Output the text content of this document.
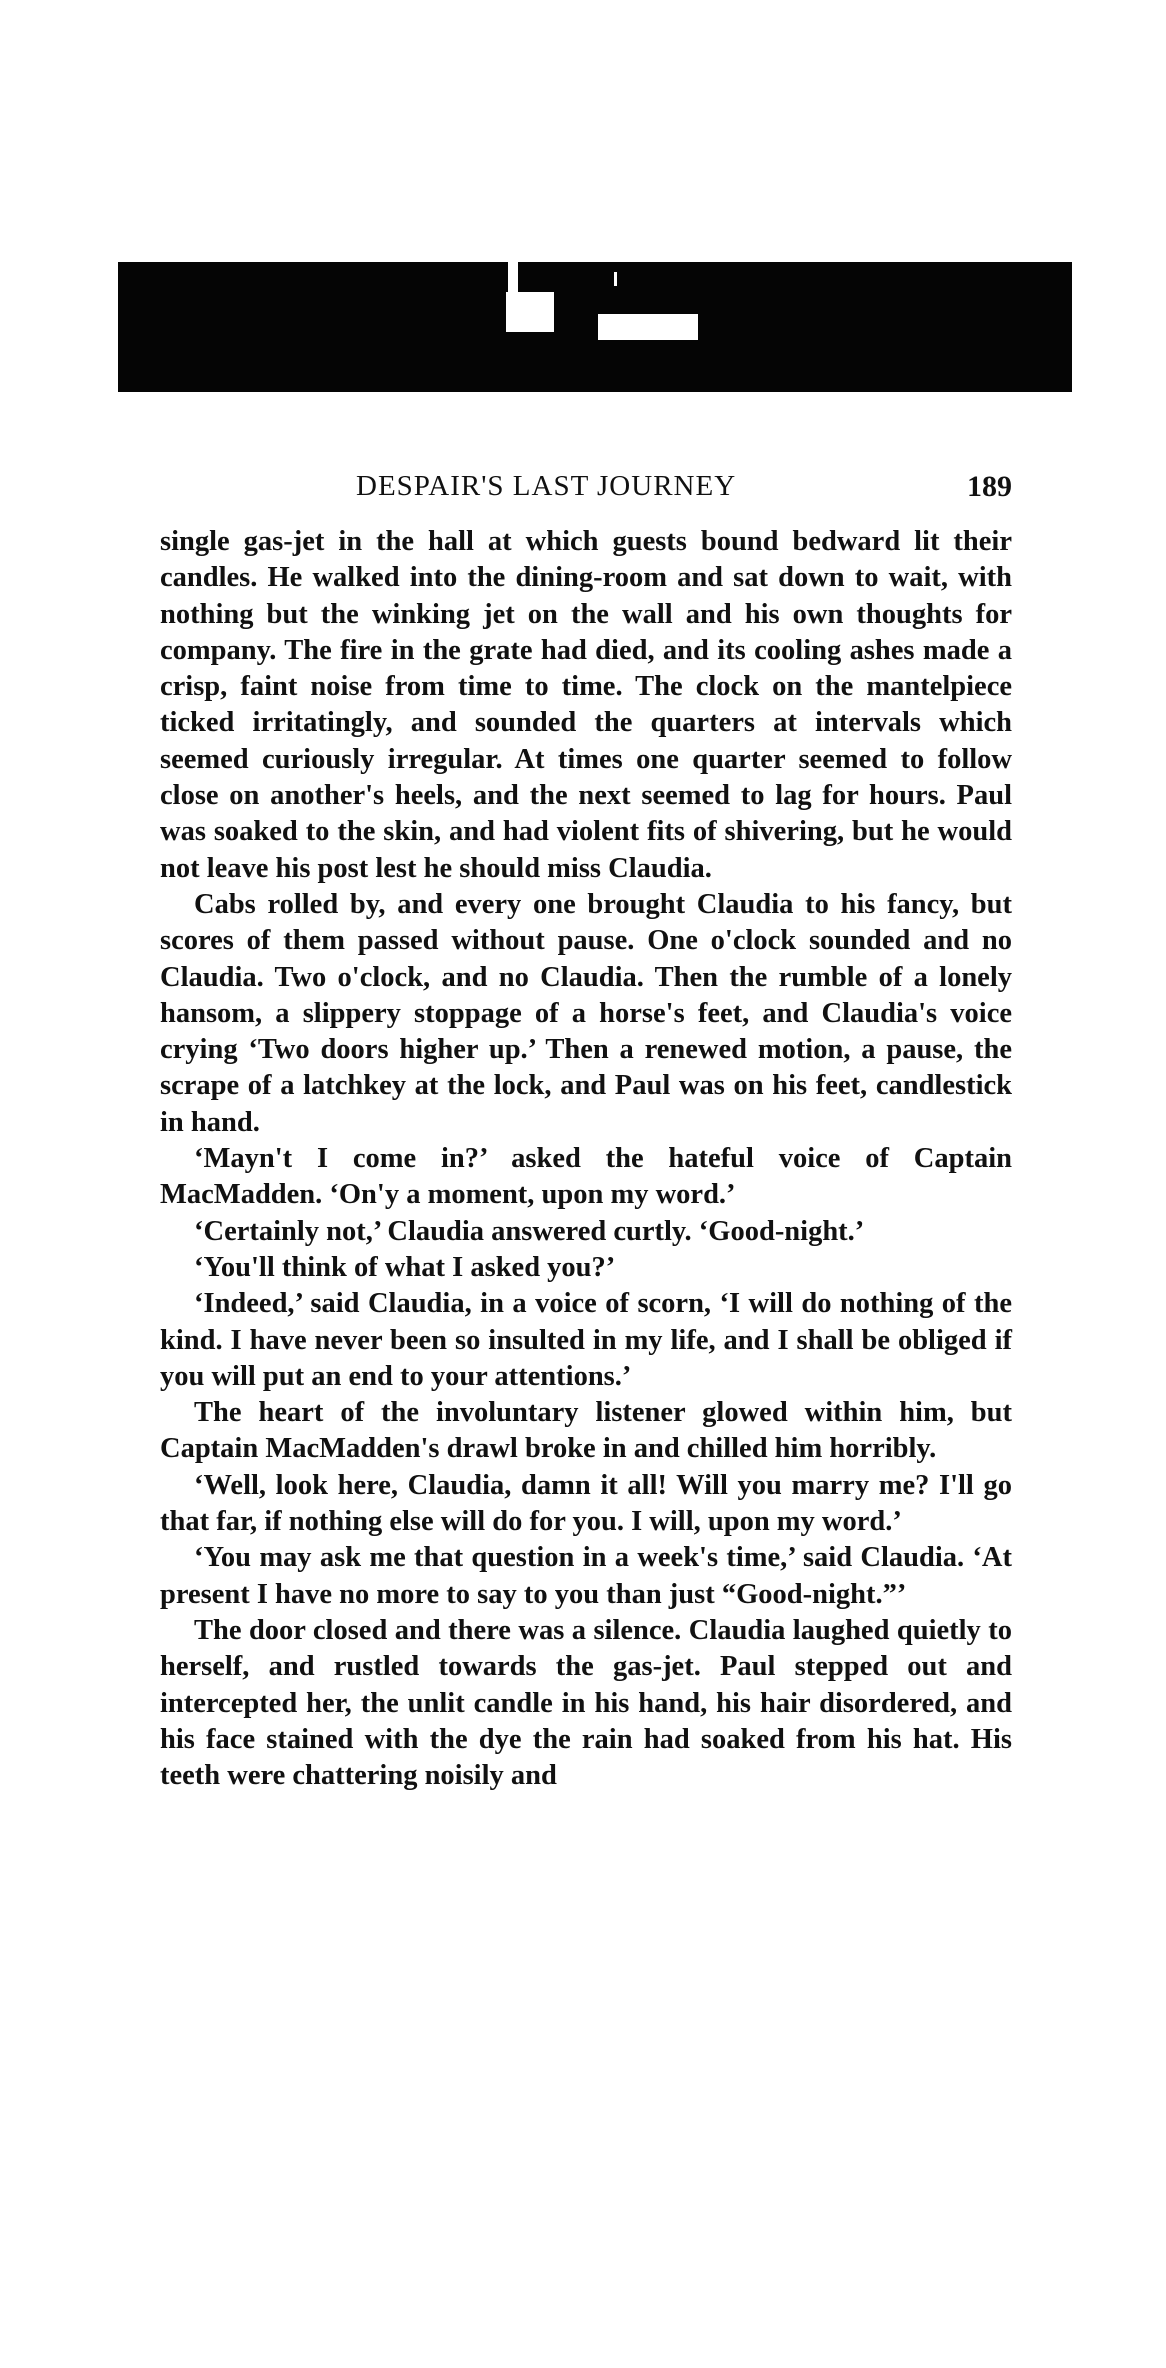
DESPAIR'S LAST JOURNEY	189

single gas-jet in the hall at which guests bound bedward lit their candles. He walked into the dining-room and sat down to wait, with nothing but the winking jet on the wall and his own thoughts for company. The fire in the grate had died, and its cooling ashes made a crisp, faint noise from time to time. The clock on the mantelpiece ticked irritatingly, and sounded the quarters at intervals which seemed curiously irregular. At times one quarter seemed to follow close on another's heels, and the next seemed to lag for hours. Paul was soaked to the skin, and had violent fits of shivering, but he would not leave his post lest he should miss Claudia.

Cabs rolled by, and every one brought Claudia to his fancy, but scores of them passed without pause. One o'clock sounded and no Claudia. Two o'clock, and no Claudia. Then the rumble of a lonely hansom, a slippery stoppage of a horse's feet, and Claudia's voice crying ‘Two doors higher up.’ Then a renewed motion, a pause, the scrape of a latchkey at the lock, and Paul was on his feet, candlestick in hand.

‘Mayn't I come in?’ asked the hateful voice of Captain MacMadden. ‘On'y a moment, upon my word.’

‘Certainly not,’ Claudia answered curtly. ‘Good-night.’

‘You'll think of what I asked you?’

‘Indeed,’ said Claudia, in a voice of scorn, ‘I will do nothing of the kind. I have never been so insulted in my life, and I shall be obliged if you will put an end to your attentions.’

The heart of the involuntary listener glowed within him, but Captain MacMadden's drawl broke in and chilled him horribly.

‘Well, look here, Claudia, damn it all! Will you marry me? I'll go that far, if nothing else will do for you. I will, upon my word.’

‘You may ask me that question in a week's time,’ said Claudia. ‘At present I have no more to say to you than just “Good-night.”’

The door closed and there was a silence. Claudia laughed quietly to herself, and rustled towards the gas-jet. Paul stepped out and intercepted her, the unlit candle in his hand, his hair disordered, and his face stained with the dye the rain had soaked from his hat. His teeth were chattering noisily and
